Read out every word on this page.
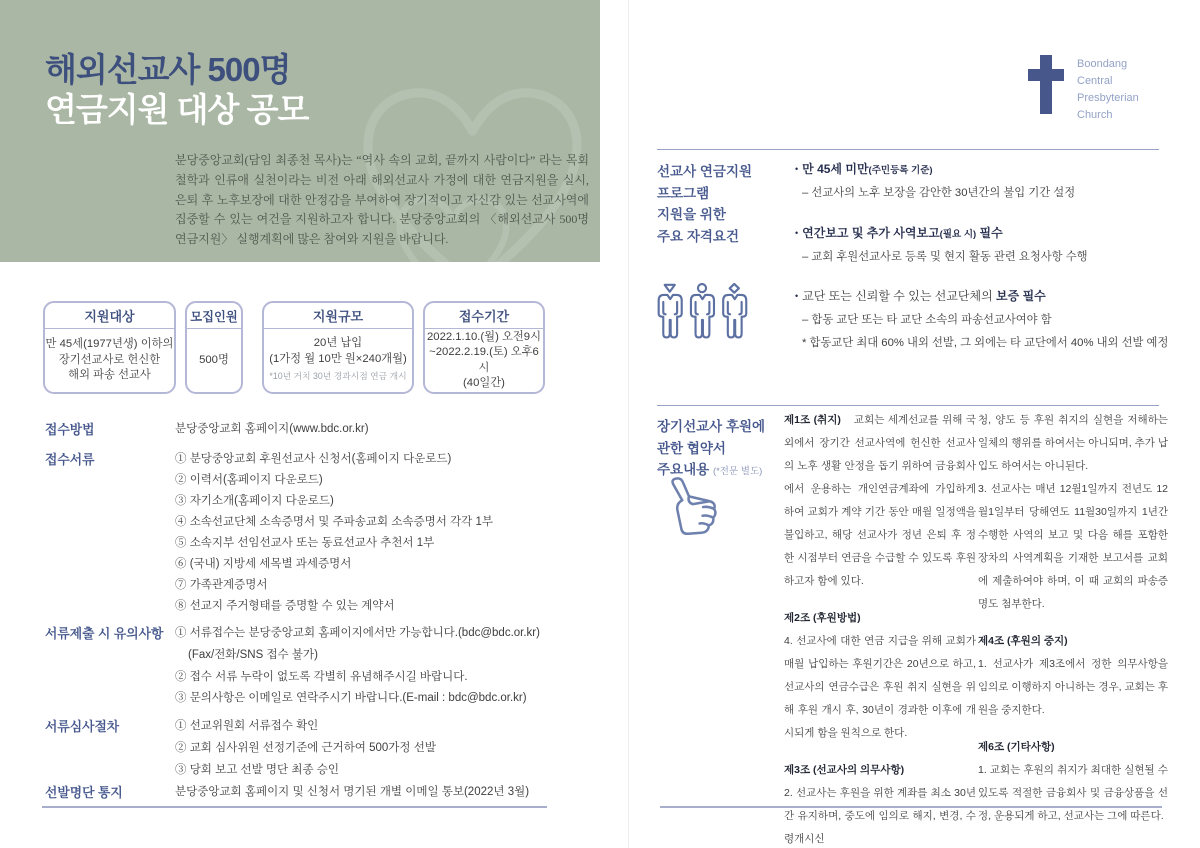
해외선교사 500명
연금지원 대상 공모
분당중앙교회(담임 최종천 목사)는 “역사 속의 교회, 끝까지 사람이다” 라는 목회철학과 인류애 실천이라는 비전 아래 해외선교사 가정에 대한 연금지원을 실시, 은퇴 후 노후보장에 대한 안정감을 부여하여 장기적이고 자신감 있는 선교사역에 집중할 수 있는 여건을 지원하고자 합니다. 분당중앙교회의 〈해외선교사 500명 연금지원〉 실행계획에 많은 참여와 지원을 바랍니다.
지원대상
만 45세(1977년생) 이하의
장기선교사로 헌신한
해외 파송 선교사
모집인원
500명
지원규모
20년 납입
(1가정 월 10만 원×240개월)
*10년 거치 30년 경과시점 연금 개시
접수기간
2022.1.10.(월) 오전9시
~2022.2.19.(토) 오후6시
(40일간)
접수방법	분당중앙교회 홈페이지(www.bdc.or.kr)
접수서류	① 분당중앙교회 후원선교사 신청서(홈페이지 다운로드)
② 이력서(홈페이지 다운로드)
③ 자기소개(홈페이지 다운로드)
④ 소속선교단체 소속증명서 및 주파송교회 소속증명서 각각 1부
⑤ 소속지부 선임선교사 또는 동료선교사 추천서 1부
⑥ (국내) 지방세 세목별 과세증명서
⑦ 가족관계증명서
⑧ 선교지 주거형태를 증명할 수 있는 계약서
서류제출 시 유의사항	① 서류접수는 분당중앙교회 홈페이지에서만 가능합니다.(bdc@bdc.or.kr)
(Fax/전화/SNS 접수 불가)
② 접수 서류 누락이 없도록 각별히 유념해주시길 바랍니다.
③ 문의사항은 이메일로 연락주시기 바랍니다.(E-mail : bdc@bdc.or.kr)
서류심사절차	① 선교위원회 서류접수 확인
② 교회 심사위원 선정기준에 근거하여 500가정 선발
③ 당회 보고 선발 명단 최종 승인
선발명단 통지	분당중앙교회 홈페이지 및 신청서 명기된 개별 이메일 통보(2022년 3월)
Boondang
Central
Presbyterian
Church
선교사 연금지원
프로그램
지원을 위한
주요 자격요건
• 만 45세 미만(주민등록 기준)
– 선교사의 노후 보장을 감안한 30년간의 불입 기간 설정
• 연간보고 및 추가 사역보고(필요 시) 필수
– 교회 후원선교사로 등록 및 현지 활동 관련 요청사항 수행
• 교단 또는 신뢰할 수 있는 선교단체의 보증 필수
– 합동 교단 또는 타 교단 소속의 파송선교사여야 함
* 합동교단 최대 60% 내외 선발, 그 외에는 타 교단에서 40% 내외 선발 예정
장기선교사 후원에
관한 협약서
주요내용 (*전문 별도)

제1조 (취지) 교회는 세계선교를 위해 국외에서 장기간 선교사역에 헌신한 선교사의 노후 생활 안정을 돕기 위하여 금융회사에서 운용하는 개인연금계좌에 가입하게 하여 교회가 계약 기간 동안 매월 일정액을 불입하고, 해당 선교사가 정년 은퇴 후 정한 시점부터 연금을 수급할 수 있도록 후원하고자 함에 있다.

제2조 (후원방법)

4. 선교사에 대한 연금 지급을 위해 교회가 매월 납입하는 후원기간은 20년으로 하고, 선교사의 연금수급은 후원 취지 실현을 위해 후원 개시 후, 30년이 경과한 이후에 개시되게 함을 원칙으로 한다.

제3조 (선교사의 의무사항)

2. 선교사는 후원을 위한 계좌를 최소 30년간 유지하며, 중도에 임의로 해지, 변경, 수령개시신

청, 양도 등 후원 취지의 실현을 저해하는 일체의 행위를 하여서는 아니되며, 추가 납입도 하여서는 아니된다.

3. 선교사는 매년 12월1일까지 전년도 12월1일부터 당해연도 11월30일까지 1년간 수행한 사역의 보고 및 다음 해를 포함한 장차의 사역계획을 기재한 보고서를 교회에 제출하여야 하며, 이 때 교회의 파송증명도 첨부한다.

제4조 (후원의 중지)

1. 선교사가 제3조에서 정한 의무사항을 임의로 이행하지 아니하는 경우, 교회는 후원을 중지한다.

제6조 (기타사항)

1. 교회는 후원의 취지가 최대한 실현될 수 있도록 적절한 금융회사 및 금융상품을 선정, 운용되게 하고, 선교사는 그에 따른다.
